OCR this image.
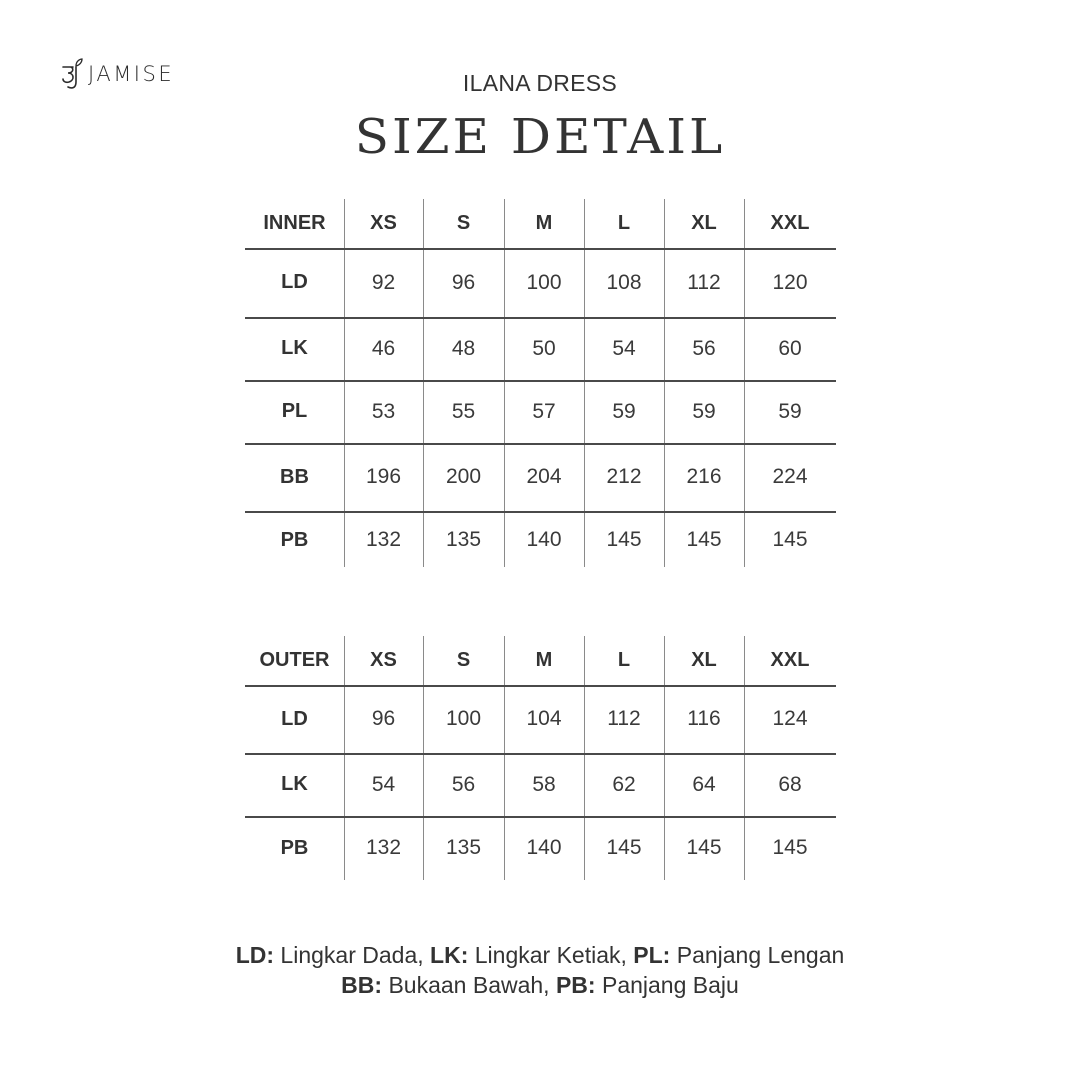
JAMISE	ILANA DRESS
SIZE DETAIL
INNER	XS	S	M	L	XL	XXL
LD	92	96	100	108	112	120
LK	46	48	50	54	56	60
PL	53	55	57	59	59	59
BB	196	200	204	212	216	224
PB	132	135	140	145	145	145
OUTER	XS	S	M	L	XL	XXL
LD	96	100	104	112	116	124
LK	54	56	58	62	64	68
PB	132	135	140	145	145	145
LD: Lingkar Dada, LK: Lingkar Ketiak, PL: Panjang Lengan
BB: Bukaan Bawah, PB: Panjang Baju
